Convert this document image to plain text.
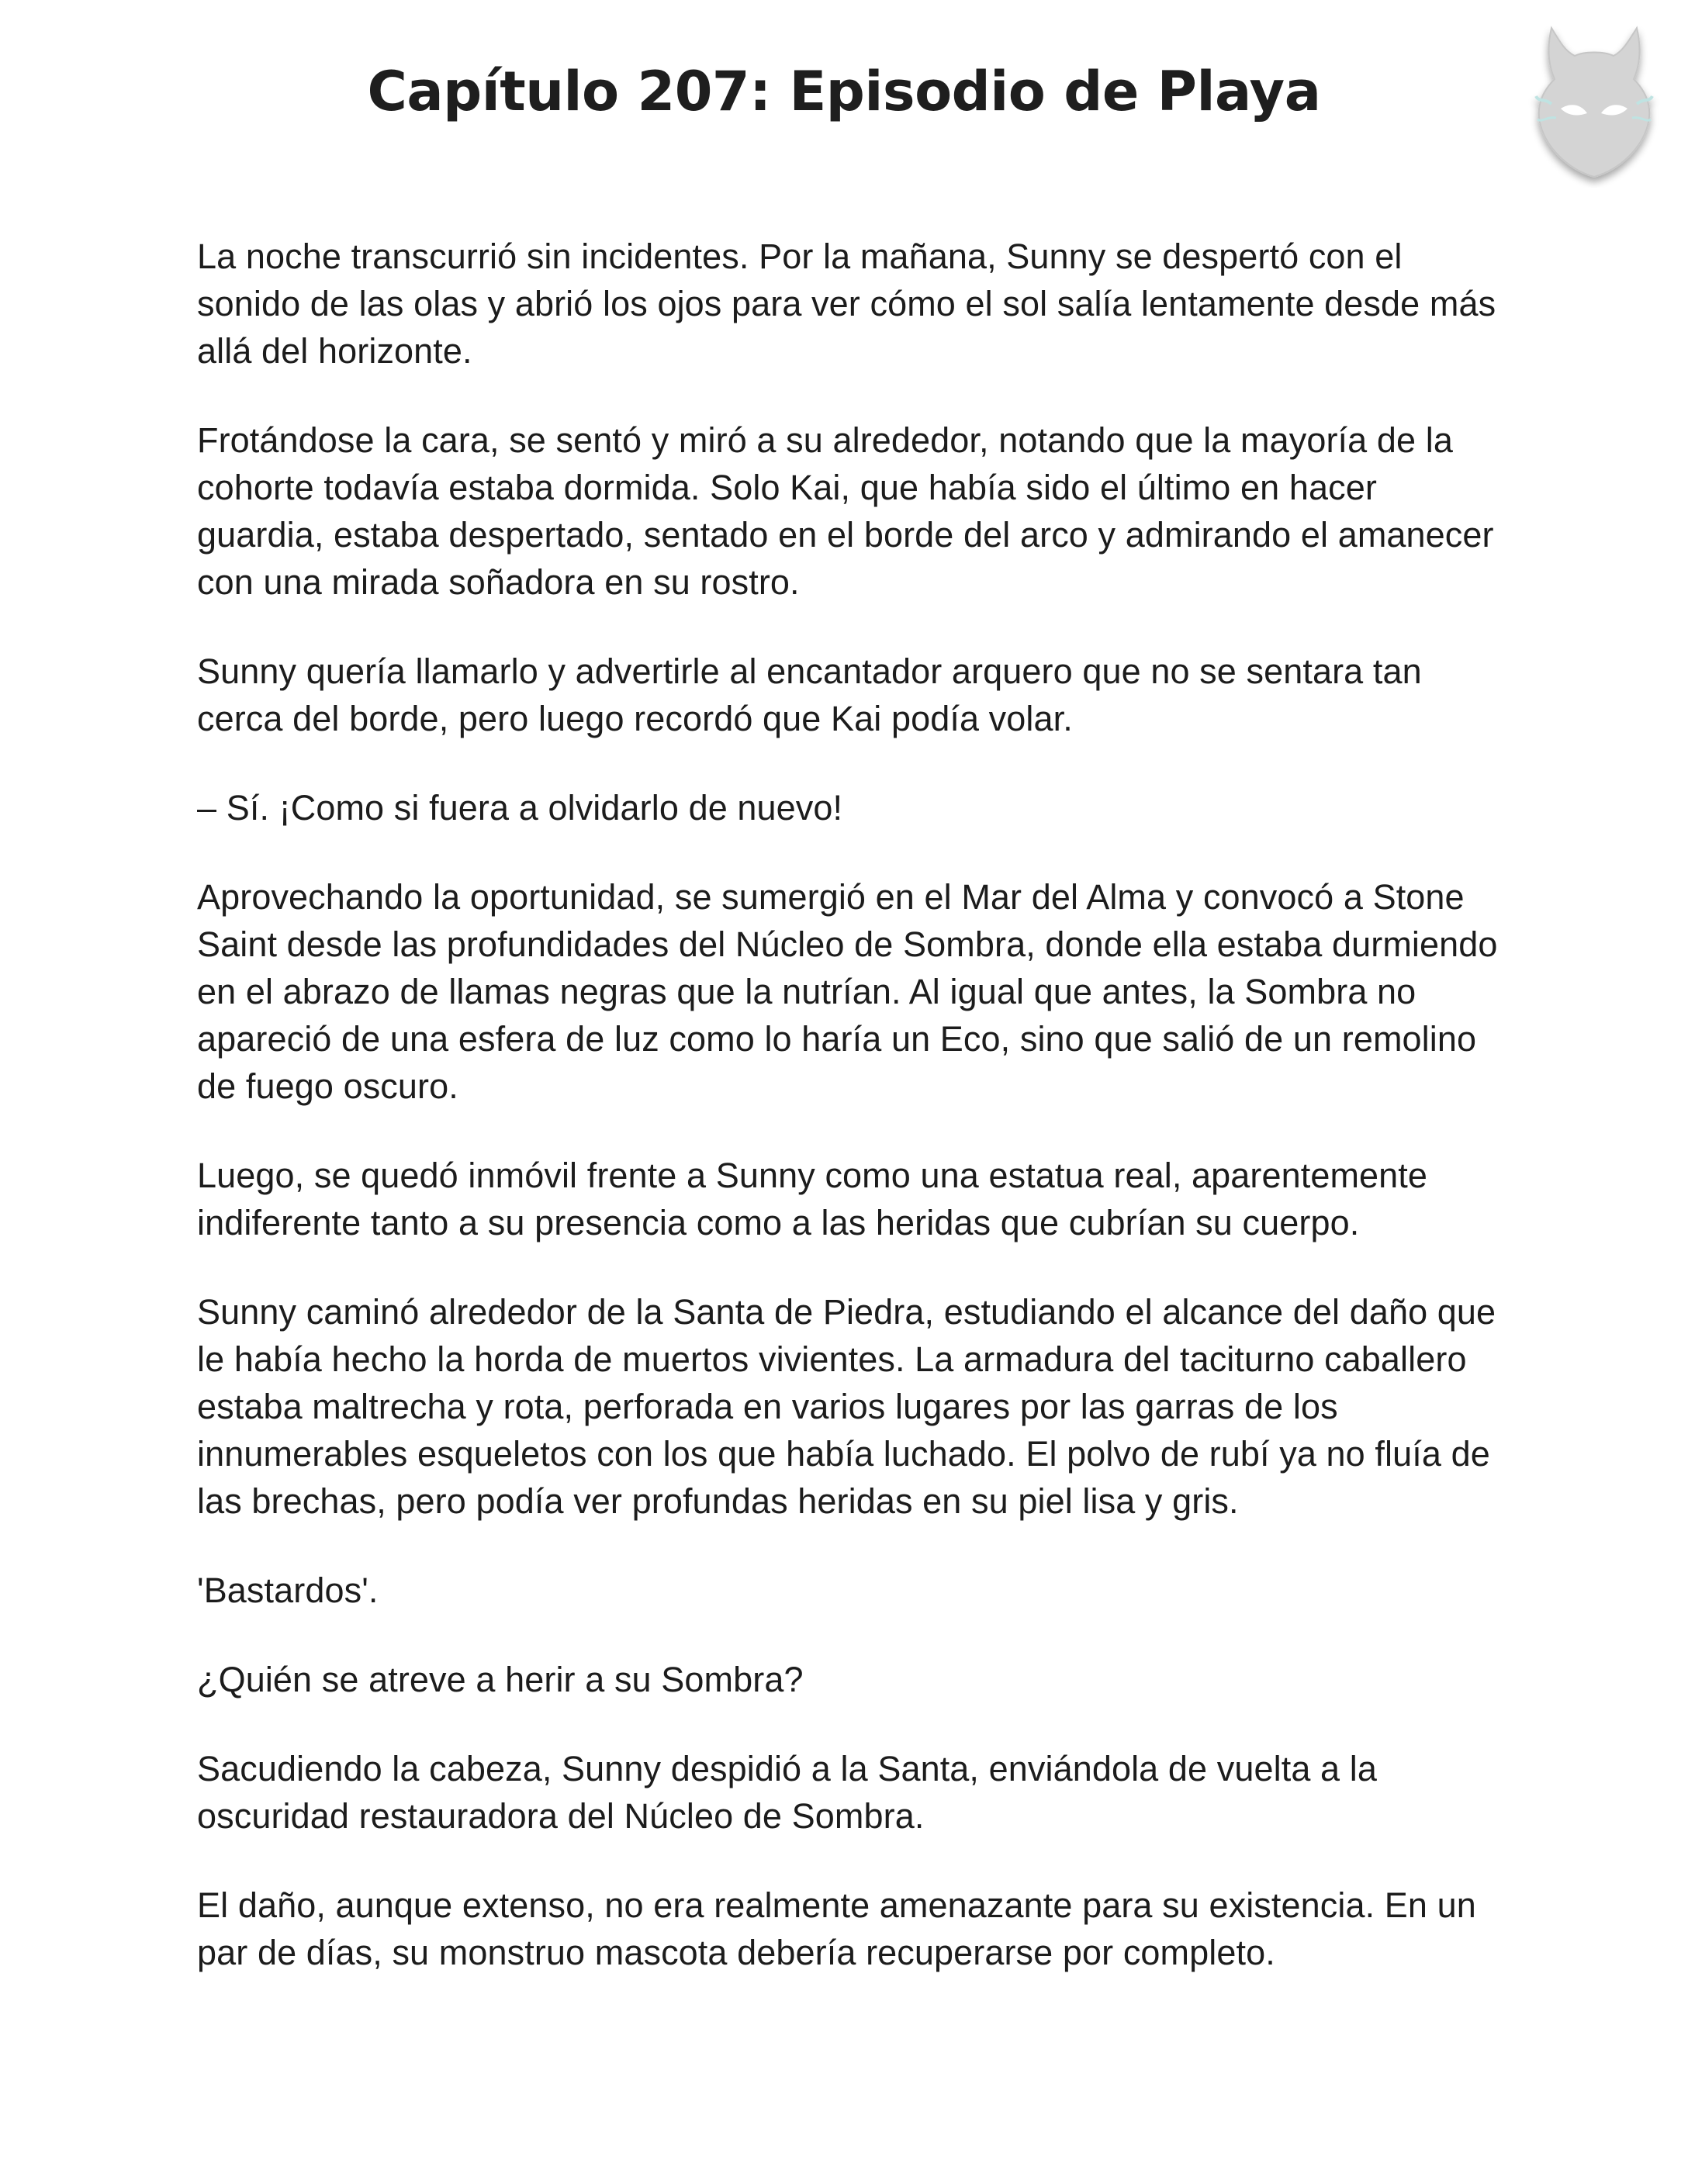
Capítulo 207: Episodio de Playa

La noche transcurrió sin incidentes. Por la mañana, Sunny se despertó con el sonido de las olas y abrió los ojos para ver cómo el sol salía lentamente desde más allá del horizonte.

Frotándose la cara, se sentó y miró a su alrededor, notando que la mayoría de la cohorte todavía estaba dormida. Solo Kai, que había sido el último en hacer guardia, estaba despertado, sentado en el borde del arco y admirando el amanecer con una mirada soñadora en su rostro.

Sunny quería llamarlo y advertirle al encantador arquero que no se sentara tan cerca del borde, pero luego recordó que Kai podía volar.

– Sí. ¡Como si fuera a olvidarlo de nuevo!

Aprovechando la oportunidad, se sumergió en el Mar del Alma y convocó a Stone Saint desde las profundidades del Núcleo de Sombra, donde ella estaba durmiendo en el abrazo de llamas negras que la nutrían. Al igual que antes, la Sombra no apareció de una esfera de luz como lo haría un Eco, sino que salió de un remolino de fuego oscuro.

Luego, se quedó inmóvil frente a Sunny como una estatua real, aparentemente indiferente tanto a su presencia como a las heridas que cubrían su cuerpo.

Sunny caminó alrededor de la Santa de Piedra, estudiando el alcance del daño que le había hecho la horda de muertos vivientes. La armadura del taciturno caballero estaba maltrecha y rota, perforada en varios lugares por las garras de los innumerables esqueletos con los que había luchado. El polvo de rubí ya no fluía de las brechas, pero podía ver profundas heridas en su piel lisa y gris.

'Bastardos'.

¿Quién se atreve a herir a su Sombra?

Sacudiendo la cabeza, Sunny despidió a la Santa, enviándola de vuelta a la oscuridad restauradora del Núcleo de Sombra.

El daño, aunque extenso, no era realmente amenazante para su existencia. En un par de días, su monstruo mascota debería recuperarse por completo.
